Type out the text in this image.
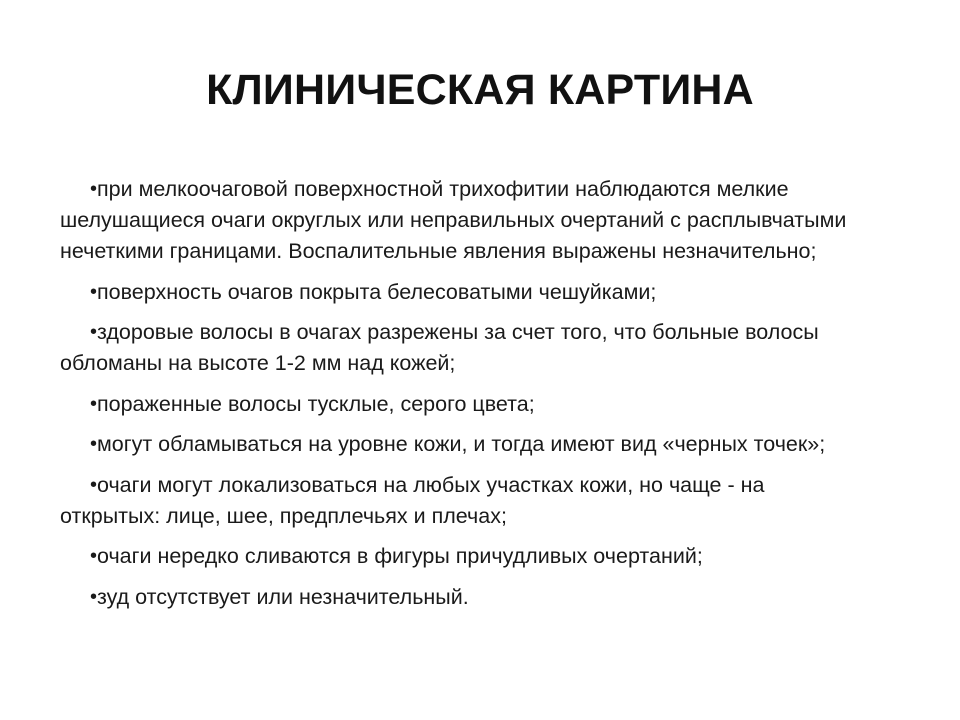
КЛИНИЧЕСКАЯ КАРТИНА

•при мелкоочаговой поверхностной трихофитии наблюдаются мелкие шелушащиеся очаги округлых или неправильных очертаний с расплывчатыми нечеткими границами. Воспалительные явления выражены незначительно;

•поверхность очагов покрыта белесоватыми чешуйками;

•здоровые волосы в очагах разрежены за счет того, что больные волосы обломаны на высоте 1-2 мм над кожей;

•пораженные волосы тусклые, серого цвета;

•могут обламываться на уровне кожи, и тогда имеют вид «черных точек»;

•очаги могут локализоваться на любых участках кожи, но чаще - на открытых: лице, шее, предплечьях и плечах;

•очаги нередко сливаются в фигуры причудливых очертаний;

•зуд отсутствует или незначительный.
